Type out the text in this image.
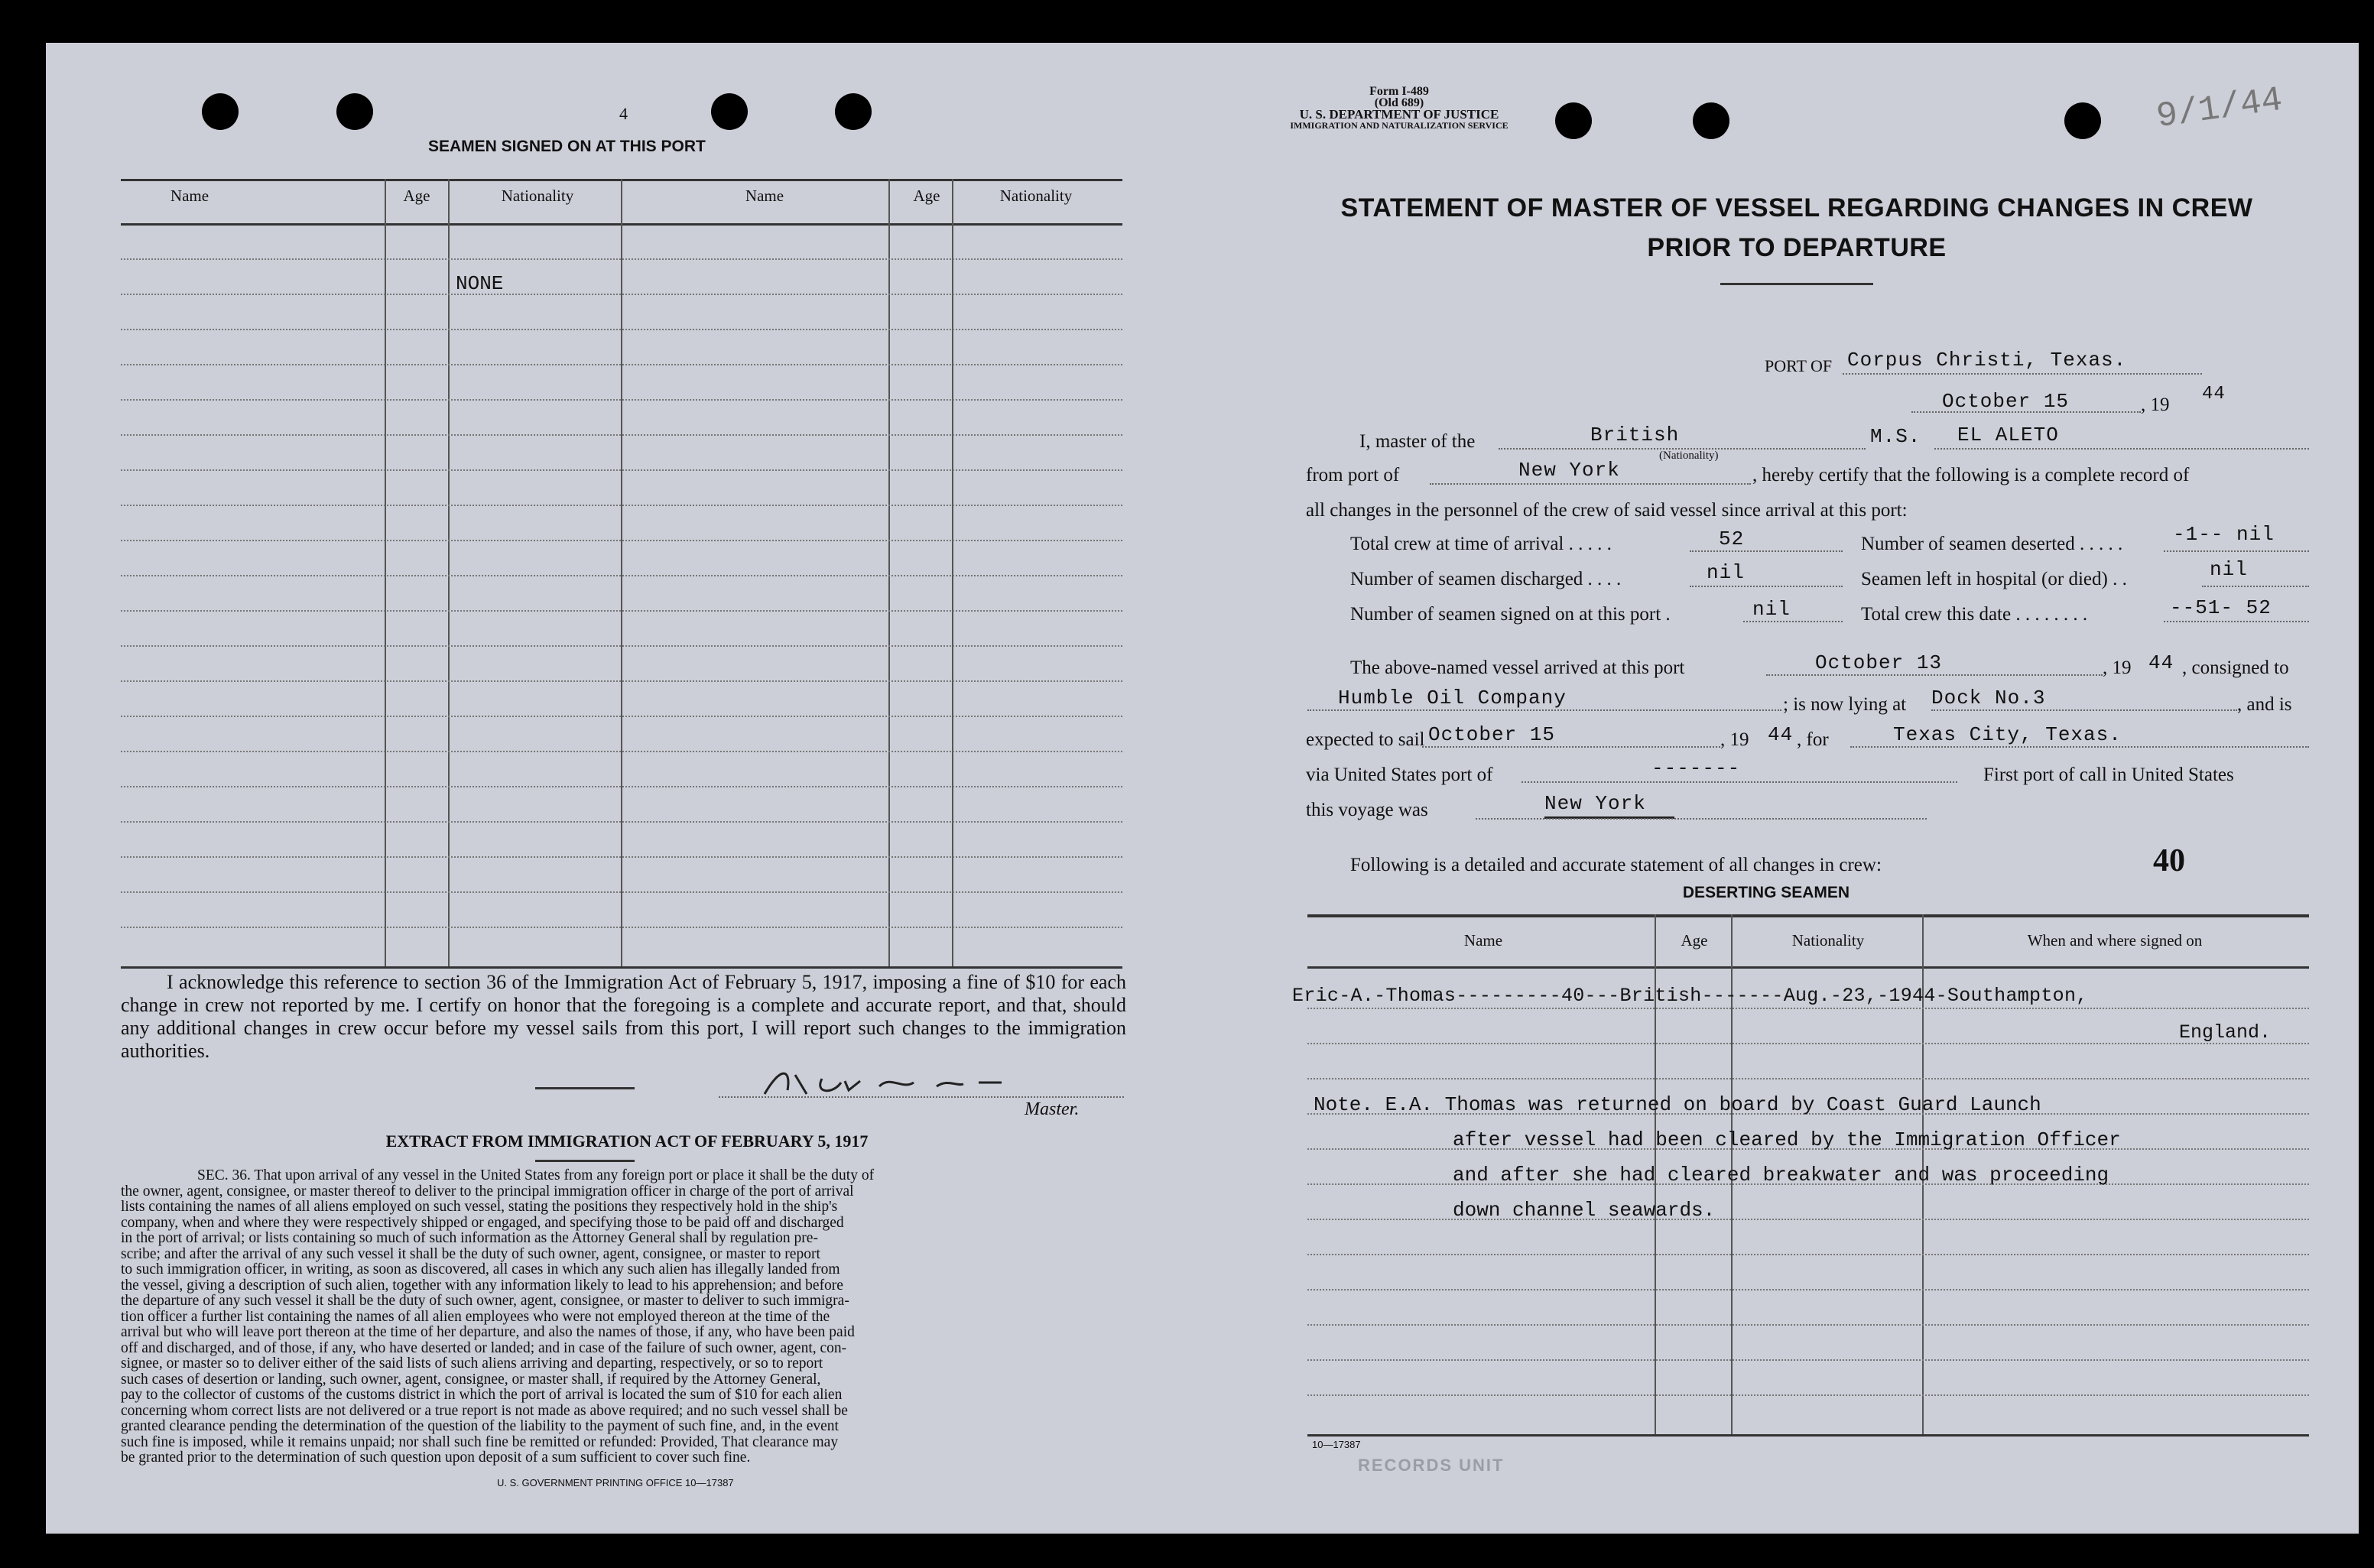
4
SEAMEN SIGNED ON AT THIS PORT
Name	Age	Nationality	Name	Age	Nationality
NONE
I acknowledge this reference to section 36 of the Immigration Act of February 5, 1917, imposing a fine of $10 for each change in crew not reported by me. I certify on honor that the foregoing is a complete and accurate report, and that, should any additional changes in crew occur before my vessel sails from this port, I will report such changes to the immigration authorities.
Master.
EXTRACT FROM IMMIGRATION ACT OF FEBRUARY 5, 1917
SEC. 36. That upon arrival of any vessel in the United States from any foreign port or place it shall be the duty of
the owner, agent, consignee, or master thereof to deliver to the principal immigration officer in charge of the port of arrival
lists containing the names of all aliens employed on such vessel, stating the positions they respectively hold in the ship's
company, when and where they were respectively shipped or engaged, and specifying those to be paid off and discharged
in the port of arrival; or lists containing so much of such information as the Attorney General shall by regulation pre-
scribe; and after the arrival of any such vessel it shall be the duty of such owner, agent, consignee, or master to report
to such immigration officer, in writing, as soon as discovered, all cases in which any such alien has illegally landed from
the vessel, giving a description of such alien, together with any information likely to lead to his apprehension; and before
the departure of any such vessel it shall be the duty of such owner, agent, consignee, or master to deliver to such immigra-
tion officer a further list containing the names of all alien employees who were not employed thereon at the time of the
arrival but who will leave port thereon at the time of her departure, and also the names of those, if any, who have been paid
off and discharged, and of those, if any, who have deserted or landed; and in case of the failure of such owner, agent, con-
signee, or master so to deliver either of the said lists of such aliens arriving and departing, respectively, or so to report
such cases of desertion or landing, such owner, agent, consignee, or master shall, if required by the Attorney General,
pay to the collector of customs of the customs district in which the port of arrival is located the sum of $10 for each alien
concerning whom correct lists are not delivered or a true report is not made as above required; and no such vessel shall be
granted clearance pending the determination of the question of the liability to the payment of such fine, and, in the event
such fine is imposed, while it remains unpaid; nor shall such fine be remitted or refunded: Provided, That clearance may
be granted prior to the determination of such question upon deposit of a sum sufficient to cover such fine.
U. S. GOVERNMENT PRINTING OFFICE 10—17387
Form I-489
(Old 689)
U. S. DEPARTMENT OF JUSTICE
IMMIGRATION AND NATURALIZATION SERVICE	9/1/44
STATEMENT OF MASTER OF VESSEL REGARDING CHANGES IN CREW
PRIOR TO DEPARTURE
PORT OF Corpus Christi, Texas.
October 15	, 19
44
I, master of the	British
(Nationality)
M.S. EL ALETO
from port of	New York	, hereby certify that the following is a complete record of
all changes in the personnel of the crew of said vessel since arrival at this port:
Total crew at time of arrival . . . . .	52	Number of seamen deserted . . . . .	-1-- nil
Number of seamen discharged . . . .	nil	Seamen left in hospital (or died) . .	nil
Number of seamen signed on at this port .	nil	Total crew this date . . . . . . . .	--51- 52
The above-named vessel arrived at this port	October 13	, 19 44 , consigned to
Humble Oil Company	; is now lying at Dock No.3	, and is
expected to sail October 15	, 19 44 , for	Texas City, Texas.
via United States port of	-------	First port of call in United States
this voyage was	New York
Following is a detailed and accurate statement of all changes in crew:	40
DESERTING SEAMEN
Name	Age	Nationality	When and where signed on
Eric-A.-Thomas---------40---British-------Aug.-23,-1944-Southampton,
England.
Note. E.A. Thomas was returned on board by Coast Guard Launch
after vessel had been cleared by the Immigration Officer
and after she had cleared breakwater and was proceeding
down channel seawards.
10—17387
RECORDS UNIT
